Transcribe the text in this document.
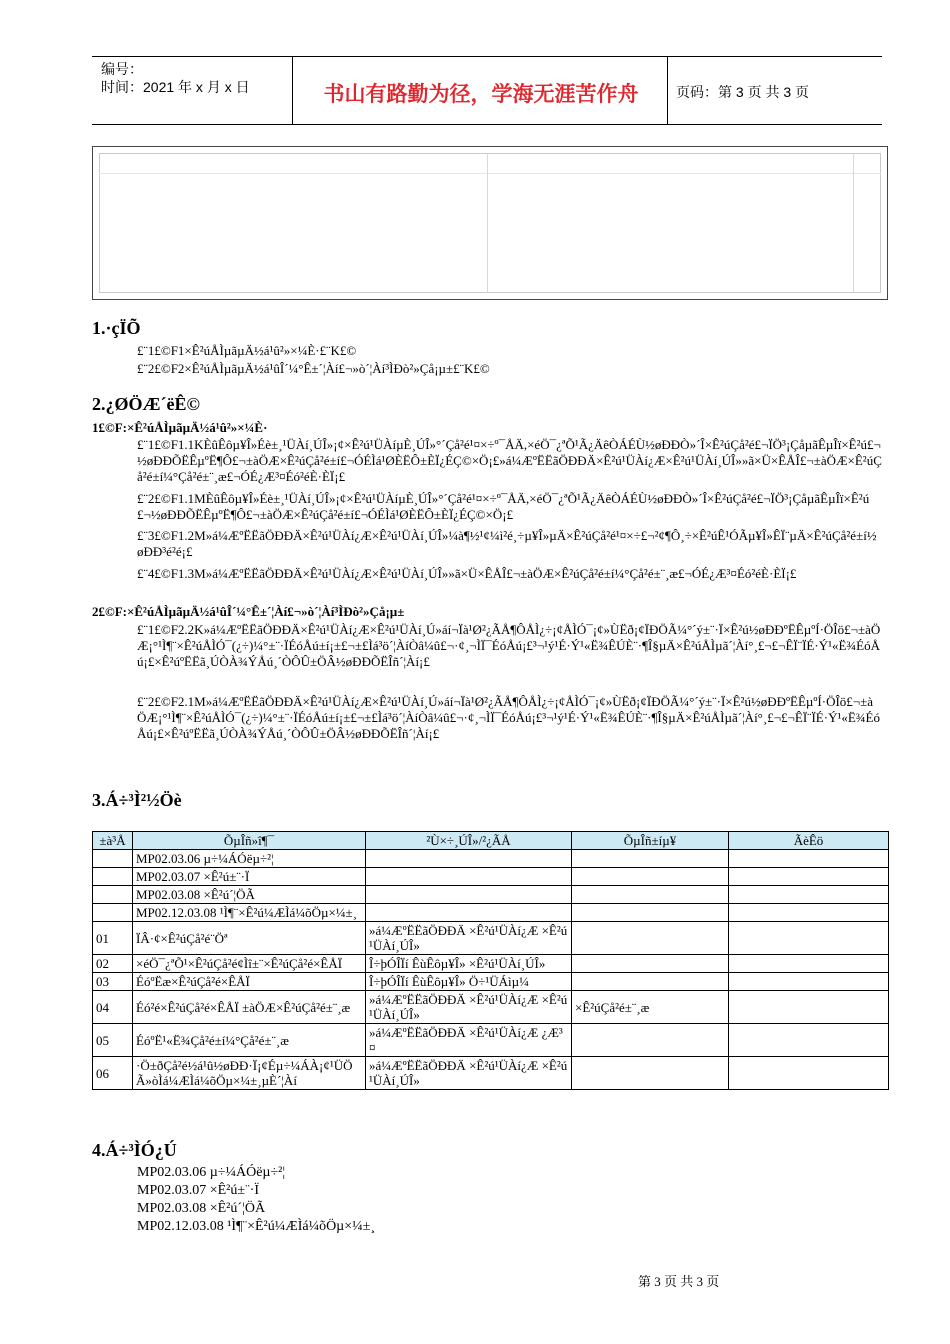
编号：
时间：2021 年 x 月 x 日	书山有路勤为径，学海无涯苦作舟	页码：第 3 页 共 3 页
1.·çÏÕ
£¨1£©F1×Ê²úÅÌµãµÄ½á¹û²»×¼È·£¨K£©
£¨2£©F2×Ê²úÅÌµãµÄ½á¹ûÎ´¼°Ê±´¦Àí£¬»ò´¦Àí³ÌÐò²»Çå¡µ±£¨K£©
2.¿ØÖÆ´ëÊ©
1£©F:×Ê²úÅÌµãµÄ½á¹û²»×¼È·
£¨1£©F1.1KÈûÊôµ¥Î»Éè±¸¹ÜÀí¸ÚÎ»¡¢×Ê²ú¹ÜÀíµÈ¸ÚÎ»°´Çå²é¹¤×÷º¯ÅÄ,×éÖ¯¿ªÕ¹Ã¿ÄêÒÁÉÙ½øÐÐÒ»´Î×Ê²úÇå²é£¬ÏÖ³¡ÇåµãÊµÎï×Ê²ú£¬½øÐÐÕËÊµºË¶Ô£¬±àÖÆ×Ê²úÇå²é±í£¬ÓÉÌá¹ØÈËÔ±ÈÏ¿ÉÇ©×Ö¡£»á¼ÆºËËãÖÐÐÄ×Ê²ú¹ÜÀí¿Æ×Ê²ú¹ÜÀí¸ÚÎ»»ã×Ü×ÊÅÎ£¬±àÖÆ×Ê²úÇå²é±í¼°Çå²é±¨¸æ£¬ÓÉ¿Æ³¤Éó²éÈ·ÈÏ¡£
£¨2£©F1.1MÈûÊôµ¥Î»Éè±¸¹ÜÀí¸ÚÎ»¡¢×Ê²ú¹ÜÀíµÈ¸ÚÎ»°´Çå²é¹¤×÷º¯ÅÄ,×éÖ¯¿ªÕ¹Ã¿ÄêÒÁÉÙ½øÐÐÒ»´Î×Ê²úÇå²é£¬ÏÖ³¡ÇåµãÊµÎï×Ê²ú£¬½øÐÐÕËÊµºË¶Ô£¬±àÖÆ×Ê²úÇå²é±í£¬ÓÉÌá¹ØÈËÔ±ÈÏ¿ÉÇ©×Ö¡£
£¨3£©F1.2M»á¼ÆºËËãÖÐÐÄ×Ê²ú¹ÜÀí¿Æ×Ê²ú¹ÜÀí¸ÚÎ»¼à¶½¹¢¼ì²é¸÷µ¥Î»µÄ×Ê²úÇå²é¹¤×÷£¬²¢¶Ô¸÷×Ê²úÊ¹ÓÃµ¥Î»ÊÏ¨µÄ×Ê²úÇå²é±í½øÐÐ³é²é¡£
£¨4£©F1.3M»á¼ÆºËËãÖÐÐÄ×Ê²ú¹ÜÀí¿Æ×Ê²ú¹ÜÀí¸ÚÎ»»ã×Ü×ÊÅÎ£¬±àÖÆ×Ê²úÇå²é±í¼°Çå²é±¨¸æ£¬ÓÉ¿Æ³¤Éó²éÈ·ÈÏ¡£
2£©F:×Ê²úÅÌµãµÄ½á¹ûÎ´¼°Ê±´¦Àí£¬»ò´¦Àí³ÌÐò²»Çå¡µ±
£¨1£©F2.2K»á¼ÆºËËãÖÐÐÄ×Ê²ú¹ÜÀí¿Æ×Ê²ú¹ÜÀí¸Ú»áí¬Ïà¹Ø²¿ÃÅ¶ÔÅÌ¿÷¡¢ÅÌÓ¯¡¢»ÙËð¡¢ÏÐÖÃ¼°´ý±¨·Ï×Ê²ú½øÐÐºËÊµºÍ·ÖÎö£¬±àÖÆ¡°¹Ì¶¨×Ê²úÅÌÓ¯(¿÷)¼°±¨·ÏÉóÅú±í¡±£¬±£Ìá³ö´¦ÀíÒâ¼û£¬·¢¸¬ÌÏ¯ÉóÅú¡£³¬¹ý¹É·Ý¹«Ë¾ÊÚÈ¨·¶Î§µÄ×Ê²úÅÌµã´¦Àí°¸£¬£¬ÊÏ¨ÏÉ·Ý¹«Ë¾ÉóÅú¡£×Ê²úºËËã¸ÚÒÀ¾ÝÅú¸´ÒÔÛ±ÖÂ½øÐÐÕËÎñ´¦Àí¡£
£¨2£©F2.1M»á¼ÆºËËãÖÐÐÄ×Ê²ú¹ÜÀí¿Æ×Ê²ú¹ÜÀí¸Ú»áí¬Ïà¹Ø²¿ÃÅ¶ÔÅÌ¿÷¡¢ÅÌÓ¯¡¢»ÙËð¡¢ÏÐÖÃ¼°´ý±¨·Ï×Ê²ú½øÐÐºËÊµºÍ·ÖÎö£¬±àÖÆ¡°¹Ì¶¨×Ê²úÅÌÓ¯(¿÷)¼°±¨·ÏÉóÅú±í¡±£¬±£Ìá³ö´¦ÀíÒâ¼û£¬·¢¸¬ÌÏ¯ÉóÅú¡£³¬¹ý¹É·Ý¹«Ë¾ÊÚÈ¨·¶Î§µÄ×Ê²úÅÌµã´¦Àí°¸£¬£¬ÊÏ¨ÏÉ·Ý¹«Ë¾ÉóÅú¡£×Ê²úºËËã¸ÚÒÀ¾ÝÅú¸´ÒÔÛ±ÖÂ½øÐÐÕËÎñ´¦Àí¡£
3.Á÷³Ì²½Öè
±à³Å	ÕµÎñ»î¶¯	²Ù×÷¸ÚÎ»/²¿ÃÅ	ÕµÎñ±íµ¥	ÃèÊö
	MP02.03.06 µ÷¼ÁÓëµ÷²¦			
	MP02.03.07 ×Ê²ú±¨·Ï			
	MP02.03.08 ×Ê²ú´¦ÖÃ			
	MP02.12.03.08 ¹Ì¶¨×Ê²ú¼ÆÌá¼õÖµ×¼±¸			
01	ÏÂ·¢×Ê²úÇå²é¨Öª	»á¼ÆºËËãÖÐÐÄ ×Ê²ú¹ÜÀí¿Æ ×Ê²ú¹ÜÀí¸ÚÎ»		
02	×éÖ¯¿ªÕ¹×Ê²úÇå²é¢Ìî±¨×Ê²úÇå²é×ÊÅÏ	Î÷þÓÎÏí ÊùÊôµ¥Î» ×Ê²ú¹ÜÀí¸ÚÎ»		
03	ÉóºËæ×Ê²úÇå²é×ÊÅÏ	Î÷þÓÎÏí ÊùÊôµ¥Î» Ö÷¹ÜÁìµ¼		
04	Éó²é×Ê²úÇå²é×ÊÅÏ ±àÖÆ×Ê²úÇå²é±¨¸æ	»á¼ÆºËËãÖÐÐÄ ×Ê²ú¹ÜÀí¿Æ ×Ê²ú¹ÜÀí¸ÚÎ»	×Ê²úÇå²é±¨¸æ	
05	ÉóºË¹«Ë¾Çå²é±í¼°Çå²é±¨¸æ	»á¼ÆºËËãÖÐÐÄ ×Ê²ú¹ÜÀí¿Æ ¿Æ³¤		
06	·Ö±ðÇå²é½á¹û½øÐÐ·Ï¡¢Éµ÷¼ÁÀ¡¢¹ÜÖÃ»òÌá¼ÆÌá¼õÖµ×¼±¸µÈ´¦Àí	»á¼ÆºËËãÖÐÐÄ ×Ê²ú¹ÜÀí¿Æ ×Ê²ú¹ÜÀí¸ÚÎ»		
4.Á÷³ÌÓ¿Ú
MP02.03.06 µ÷¼ÁÓëµ÷²¦
MP02.03.07 ×Ê²ú±¨·Ï
MP02.03.08 ×Ê²ú´¦ÖÃ
MP02.12.03.08 ¹Ì¶¨×Ê²ú¼ÆÌá¼õÖµ×¼±¸
第 3 页 共 3 页
